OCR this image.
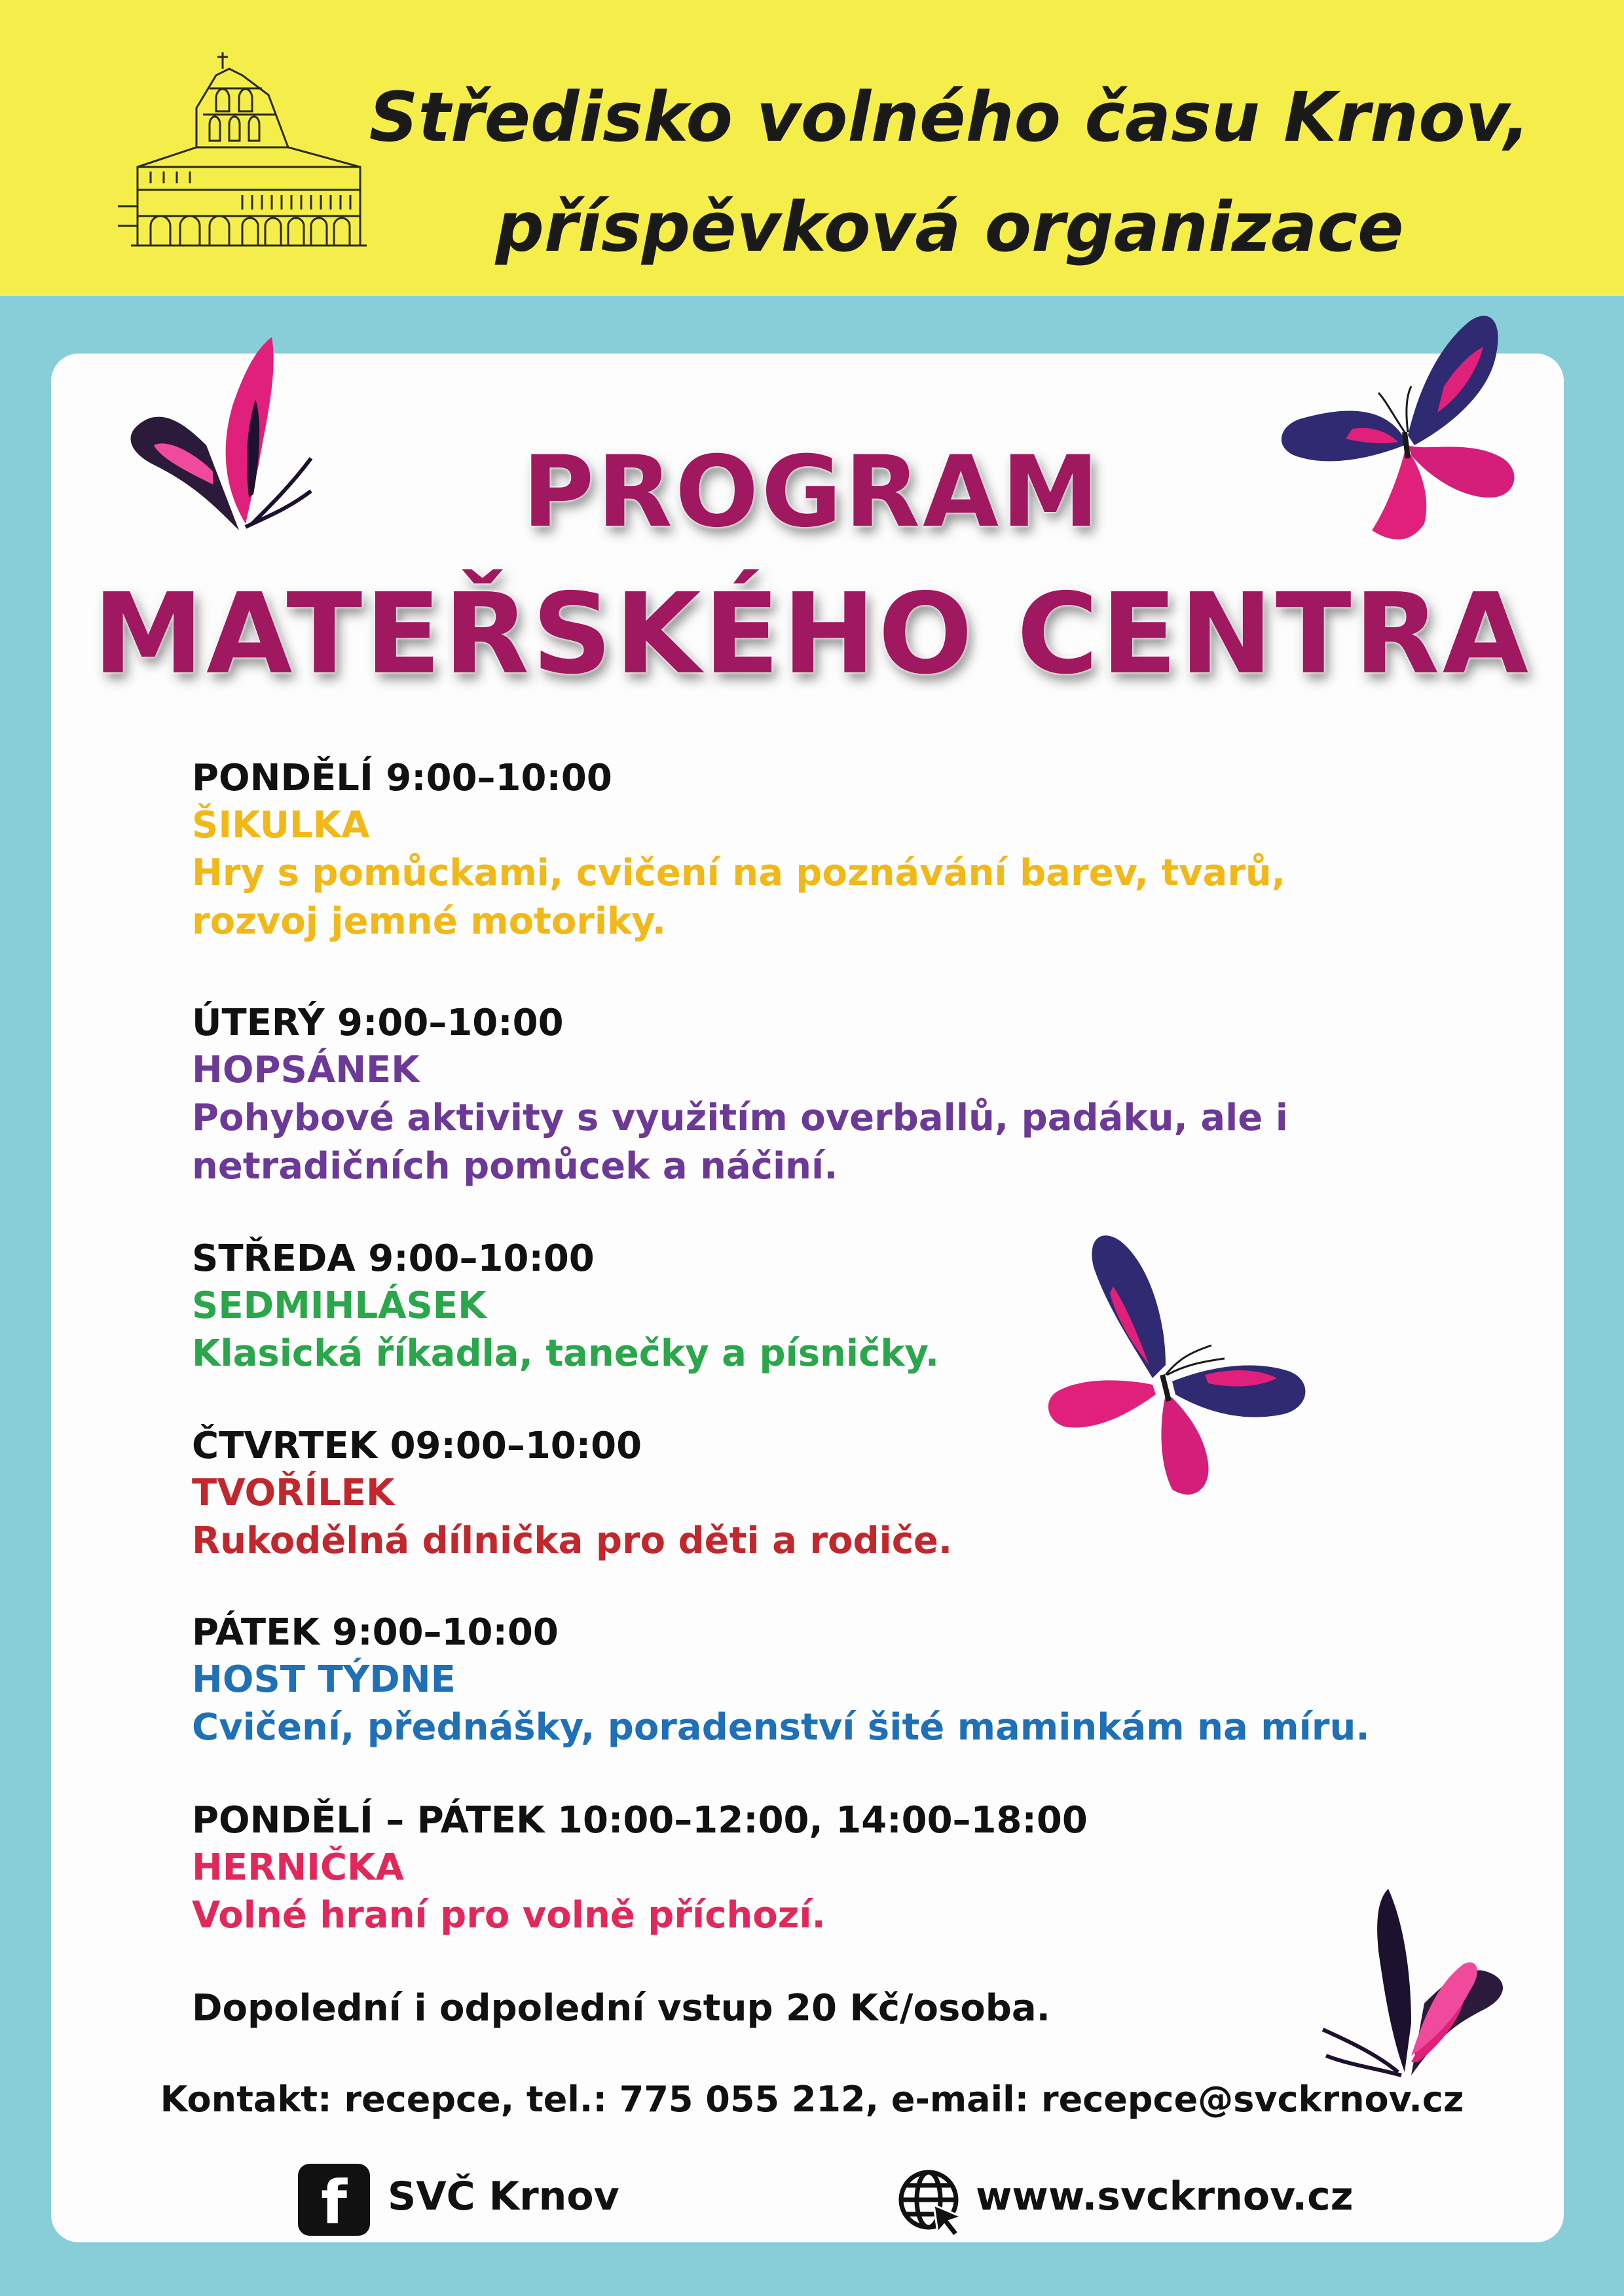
Středisko volného času Krnov,
příspěvková organizace
PROGRAM
MATEŘSKÉHO CENTRA
PONDĚLÍ 9:00–10:00
ŠIKULKA
Hry s pomůckami, cvičení na poznávání barev, tvarů, rozvoj jemné motoriky.
ÚTERÝ 9:00–10:00
HOPSÁNEK
Pohybové aktivity s využitím overballů, padáku, ale i netradičních pomůcek a náčiní.
STŘEDA 9:00–10:00
SEDMIHLÁSEK
Klasická říkadla, tanečky a písničky.
ČTVRTEK 09:00–10:00
TVOŘÍLEK
Rukodělná dílnička pro děti a rodiče.
PÁTEK 9:00–10:00
HOST TÝDNE
Cvičení, přednášky, poradenství šité maminkám na míru.
PONDĚLÍ – PÁTEK 10:00–12:00, 14:00–18:00
HERNIČKA
Volné hraní pro volně příchozí.
Dopolední i odpolední vstup 20 Kč/osoba.
Kontakt: recepce, tel.: 775 055 212, e-mail: recepce@svckrnov.cz
f	SVČ Krnov	www.svckrnov.cz
